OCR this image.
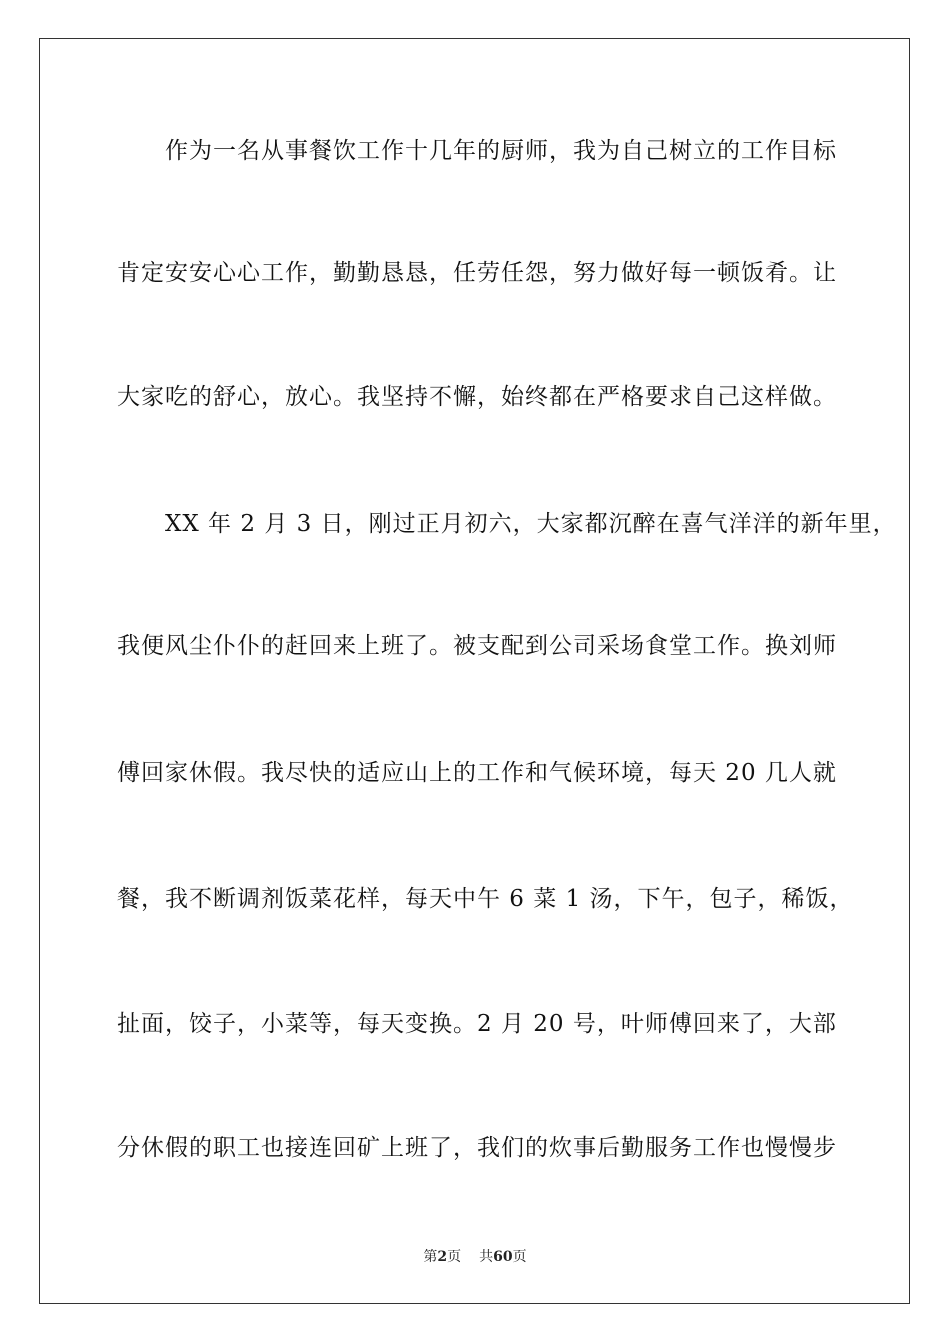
作为一名从事餐饮工作十几年的厨师，我为自己树立的工作目标
肯定安安心心工作，勤勤恳恳，任劳任怨，努力做好每一顿饭肴。让
大家吃的舒心，放心。我坚持不懈，始终都在严格要求自己这样做。
XX 年 2 月 3 日，刚过正月初六，大家都沉醉在喜气洋洋的新年里，
我便风尘仆仆的赶回来上班了。被支配到公司采场食堂工作。换刘师
傅回家休假。我尽快的适应山上的工作和气候环境，每天 20 几人就
餐，我不断调剂饭菜花样，每天中午 6 菜 1 汤，下午，包子，稀饭，
扯面，饺子，小菜等，每天变换。2 月 20 号，叶师傅回来了，大部
分休假的职工也接连回矿上班了，我们的炊事后勤服务工作也慢慢步
第2页 共60页
